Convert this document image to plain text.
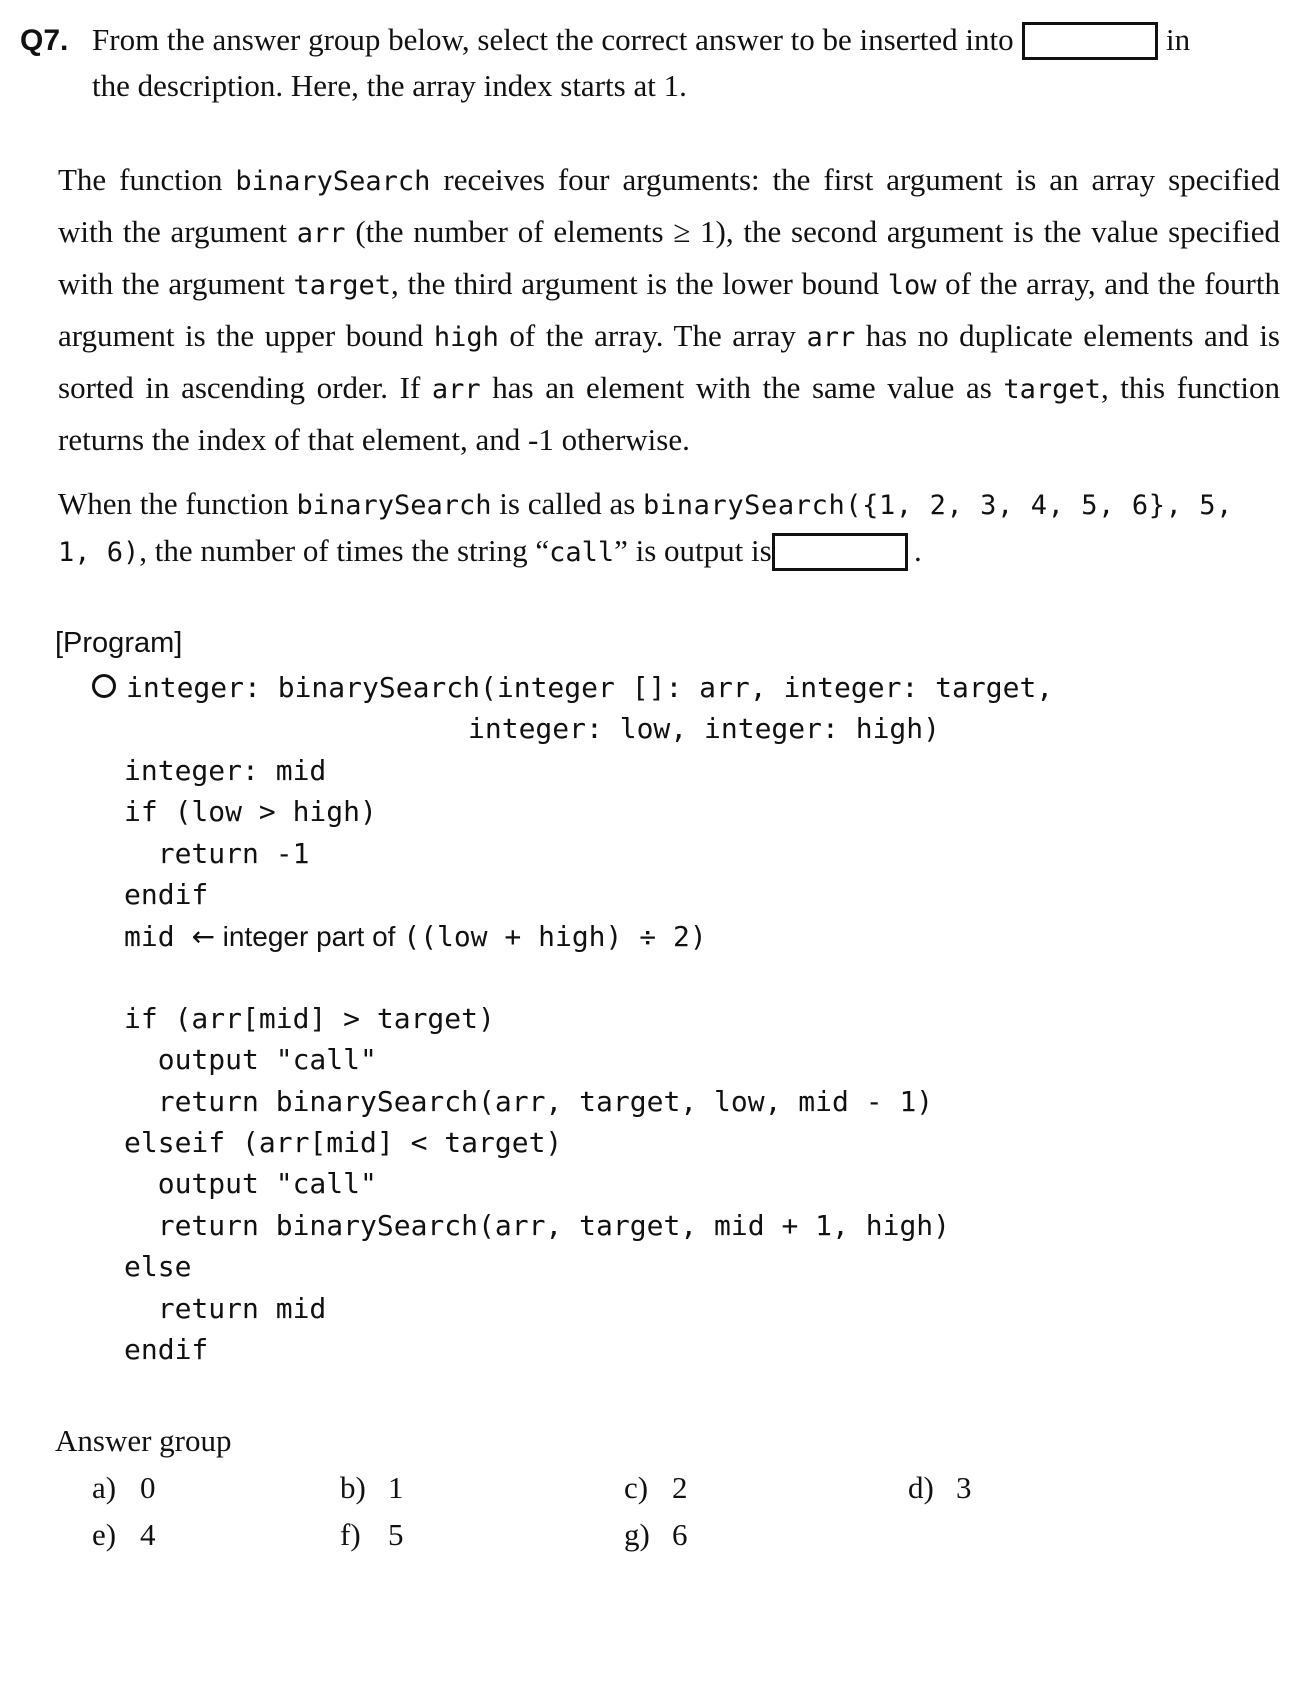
Q7. From the answer group below, select the correct answer to be inserted into	in
the description. Here, the array index starts at 1.
The function binarySearch receives four arguments: the first argument is an array specified with the argument arr (the number of elements ≥ 1), the second argument is the value specified with the argument target, the third argument is the lower bound low of the array, and the fourth argument is the upper bound high of the array. The array arr has no duplicate elements and is sorted in ascending order. If arr has an element with the same value as target, this function returns the index of that element, and -1 otherwise.
When the function binarySearch is called as binarySearch({1, 2, 3, 4, 5, 6}, 5,
1, 6), the number of times the string “call” is output is	.
[Program]
integer: binarySearch(integer []: arr, integer: target,
integer: low, integer: high)
integer: mid
if (low > high)
return -1
endif
mid ← integer part of ((low + high) ÷ 2)
if (arr[mid] > target)
output "call"
return binarySearch(arr, target, low, mid - 1)
elseif (arr[mid] < target)
output "call"
return binarySearch(arr, target, mid + 1, high)
else
return mid
endif
Answer group
a) 0	b) 1	c) 2	d) 3
e) 4	f) 5	g) 6
